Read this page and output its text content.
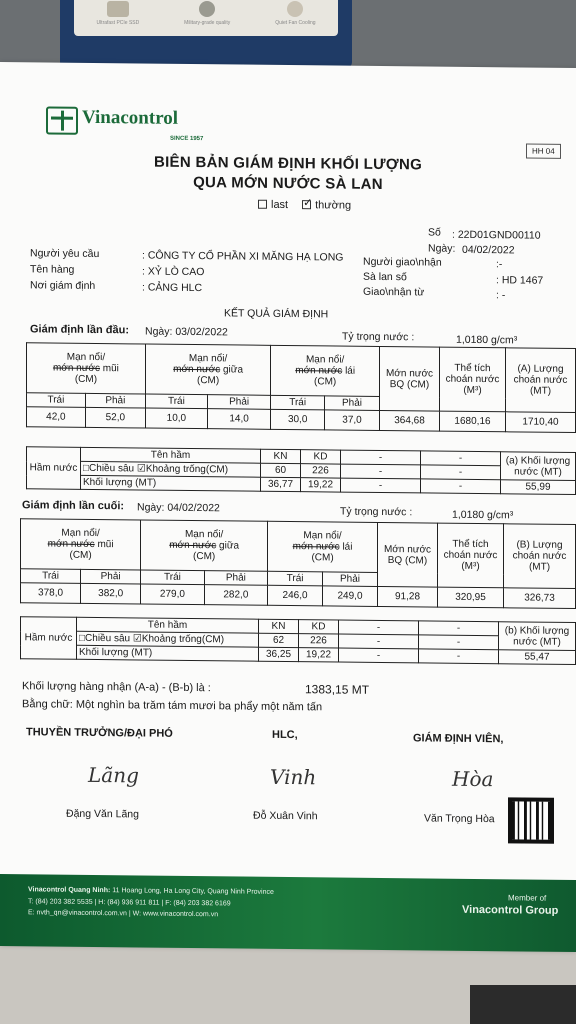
Ultrafast PCIe SSD	Military-grade quality	Quiet Fan Cooling
Vinacontrol
SINCE 1957
HH 04
BIÊN BẢN GIÁM ĐỊNH KHỐI LƯỢNG
QUA MỚN NƯỚC SÀ LAN
last ✓	thường
Số : 22D01GND00110
Ngày: 04/02/2022
Người yêu cầu	: CÔNG TY CỔ PHẦN XI MĂNG HẠ LONG
Tên hàng	: XỶ LÒ CAO
Nơi giám định	: CẢNG HLC
Người giao\nhận	:-
Sà lan số	: HD 1467
Giao\nhận từ	: -
KẾT QUẢ GIÁM ĐỊNH
Giám định lần đầu: Ngày: 03/02/2022	Tỷ trọng nước :	1,0180 g/cm³
Mạn nổi/
mớn nước mũi
(CM)		Mạn nổi/
mớn nước giữa
(CM)		Mạn nổi/
mớn nước lái
(CM)		Mớn nước BQ (CM)	Thể tích choán nước (M³)	(A) Lượng choán nước (MT)
Trái	Phải	Trái	Phải	Trái	Phải			
42,0	52,0	10,0	14,0	30,0	37,0	364,68	1680,16	1710,40
Hầm nước	Tên hầm	KN	KD	-	-	(a) Khối lượng nước (MT)
	□Chiều sâu ☑Khoảng trống(CM)	60	226	-	-	
	Khối lượng (MT)	36,77	19,22	-	-	55,99
Giám định lần cuối: Ngày: 04/02/2022	Tỷ trọng nước :	1,0180 g/cm³
Mạn nổi/
mớn nước mũi
(CM)		Mạn nổi/
mớn nước giữa
(CM)		Mạn nổi/
mớn nước lái
(CM)		Mớn nước BQ (CM)	Thể tích choán nước (M³)	(B) Lượng choán nước (MT)
Trái	Phải	Trái	Phải	Trái	Phải			
378,0	382,0	279,0	282,0	246,0	249,0	91,28	320,95	326,73
Hầm nước	Tên hầm	KN	KD	-	-	(b) Khối lượng nước (MT)
	□Chiều sâu ☑Khoảng trống(CM)	62	226	-	-	
	Khối lượng (MT)	36,25	19,22	-	-	55,47
Khối lượng hàng nhận (A-a) - (B-b) là :	1383,15 MT
Bằng chữ: Một nghìn ba trăm tám mươi ba phẩy một năm tấn
THUYỀN TRƯỞNG/ĐẠI PHÓ	HLC,	GIÁM ĐỊNH VIÊN,
Lãng	Vinh	Hòa
Đặng Văn Lãng	Đỗ Xuân Vinh	Văn Trọng Hòa
Vinacontrol Quang Ninh: 11 Hoang Long, Ha Long City, Quang Ninh Province
T: (84) 203 382 5535 | H: (84) 936 911 811 | F: (84) 203 382 6169
E: nvth_qn@vinacontrol.com.vn | W: www.vinacontrol.com.vn
Member of
Vinacontrol Group
